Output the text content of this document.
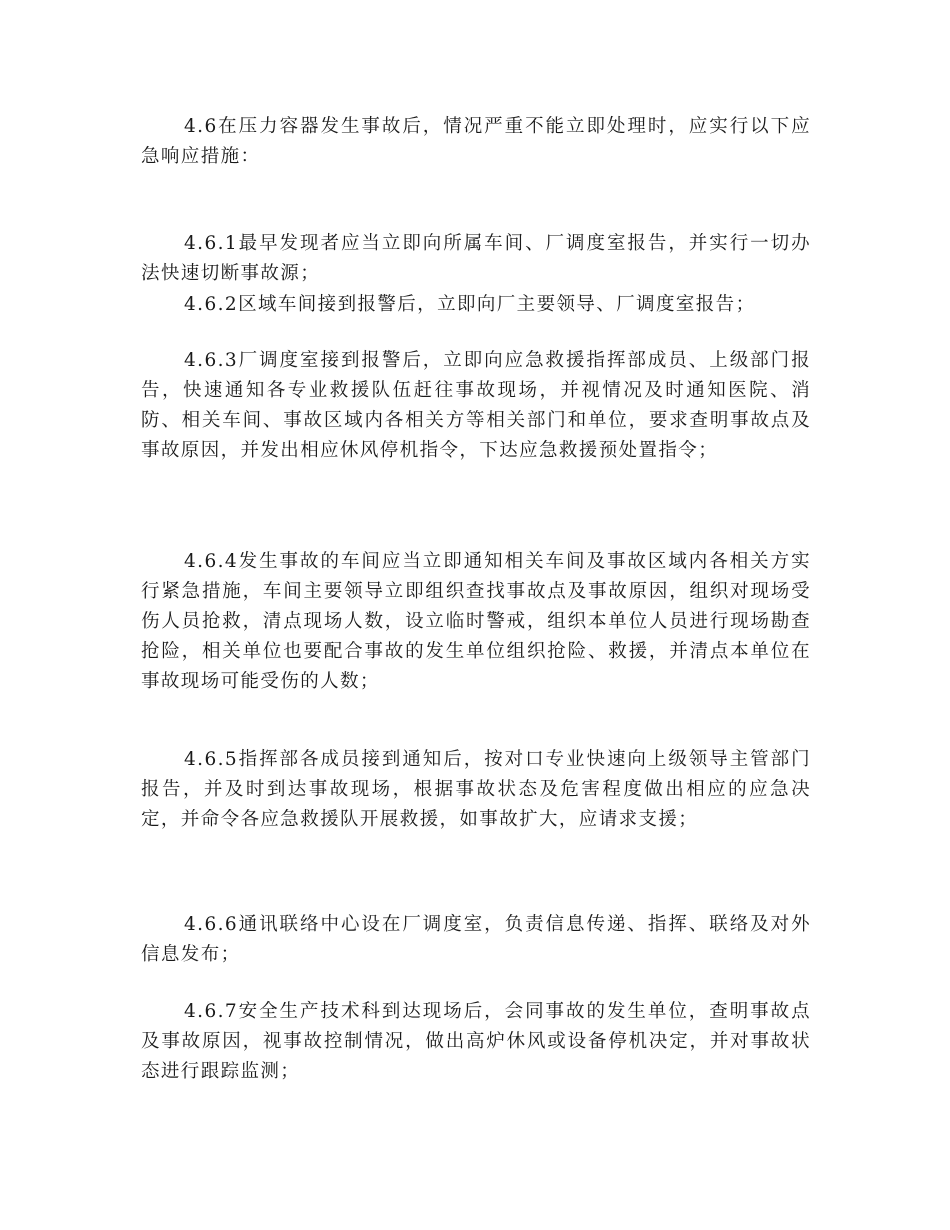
4.6在压力容器发生事故后，情况严重不能立即处理时，应实行以下应急响应措施：

4.6.1最早发现者应当立即向所属车间、厂调度室报告，并实行一切办法快速切断事故源；

4.6.2区域车间接到报警后，立即向厂主要领导、厂调度室报告；

4.6.3厂调度室接到报警后，立即向应急救援指挥部成员、上级部门报告，快速通知各专业救援队伍赶往事故现场，并视情况及时通知医院、消防、相关车间、事故区域内各相关方等相关部门和单位，要求查明事故点及事故原因，并发出相应休风停机指令，下达应急救援预处置指令；

4.6.4发生事故的车间应当立即通知相关车间及事故区域内各相关方实行紧急措施，车间主要领导立即组织查找事故点及事故原因，组织对现场受伤人员抢救，清点现场人数，设立临时警戒，组织本单位人员进行现场勘查抢险，相关单位也要配合事故的发生单位组织抢险、救援，并清点本单位在事故现场可能受伤的人数；

4.6.5指挥部各成员接到通知后，按对口专业快速向上级领导主管部门报告，并及时到达事故现场，根据事故状态及危害程度做出相应的应急决定，并命令各应急救援队开展救援，如事故扩大，应请求支援；

4.6.6通讯联络中心设在厂调度室，负责信息传递、指挥、联络及对外信息发布；

4.6.7安全生产技术科到达现场后，会同事故的发生单位，查明事故点及事故原因，视事故控制情况，做出高炉休风或设备停机决定，并对事故状态进行跟踪监测；
